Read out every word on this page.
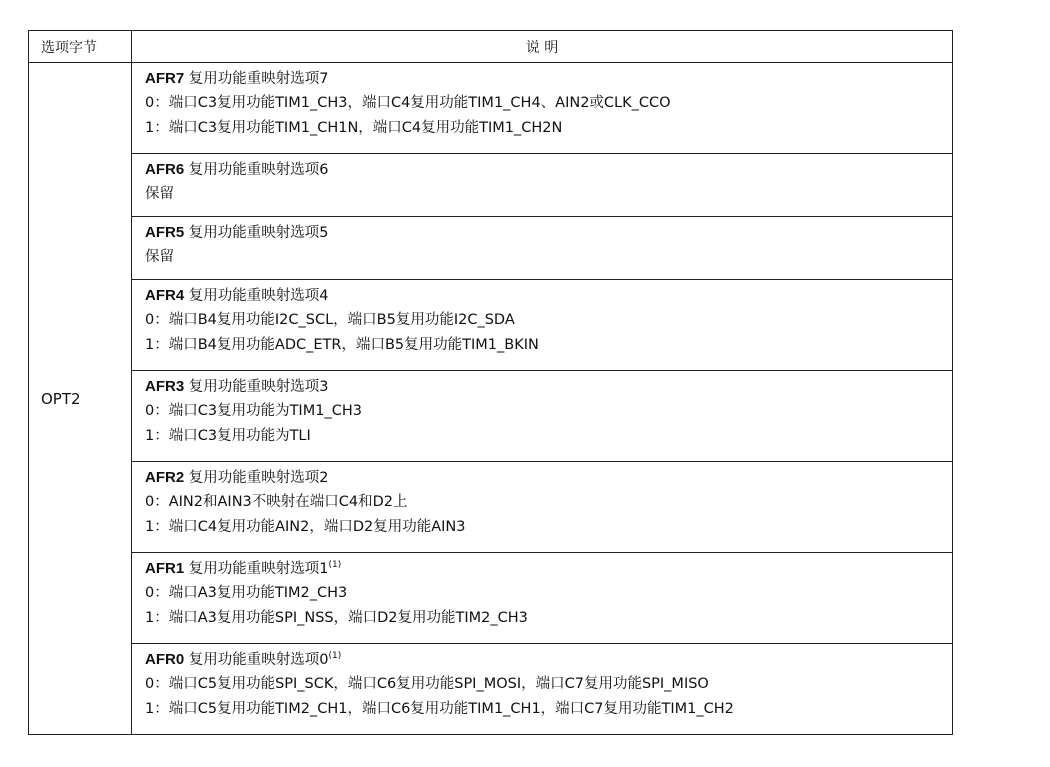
选项字节	说 明
OPT2	AFR7 复用功能重映射选项7
0：端口C3复用功能TIM1_CH3，端口C4复用功能TIM1_CH4、AIN2或CLK_CCO
1：端口C3复用功能TIM1_CH1N，端口C4复用功能TIM1_CH2N

	AFR6 复用功能重映射选项6
保留

	AFR5 复用功能重映射选项5
保留

	AFR4 复用功能重映射选项4
0：端口B4复用功能I2C_SCL，端口B5复用功能I2C_SDA
1：端口B4复用功能ADC_ETR，端口B5复用功能TIM1_BKIN

	AFR3 复用功能重映射选项3
0：端口C3复用功能为TIM1_CH3
1：端口C3复用功能为TLI

	AFR2 复用功能重映射选项2
0：AIN2和AIN3不映射在端口C4和D2上
1：端口C4复用功能AIN2，端口D2复用功能AIN3

	AFR1 复用功能重映射选项1$^{(1)}$
0：端口A3复用功能TIM2_CH3
1：端口A3复用功能SPI_NSS，端口D2复用功能TIM2_CH3

	AFR0 复用功能重映射选项0$^{(1)}$
0：端口C5复用功能SPI_SCK，端口C6复用功能SPI_MOSI，端口C7复用功能SPI_MISO
1：端口C5复用功能TIM2_CH1，端口C6复用功能TIM1_CH1，端口C7复用功能TIM1_CH2
